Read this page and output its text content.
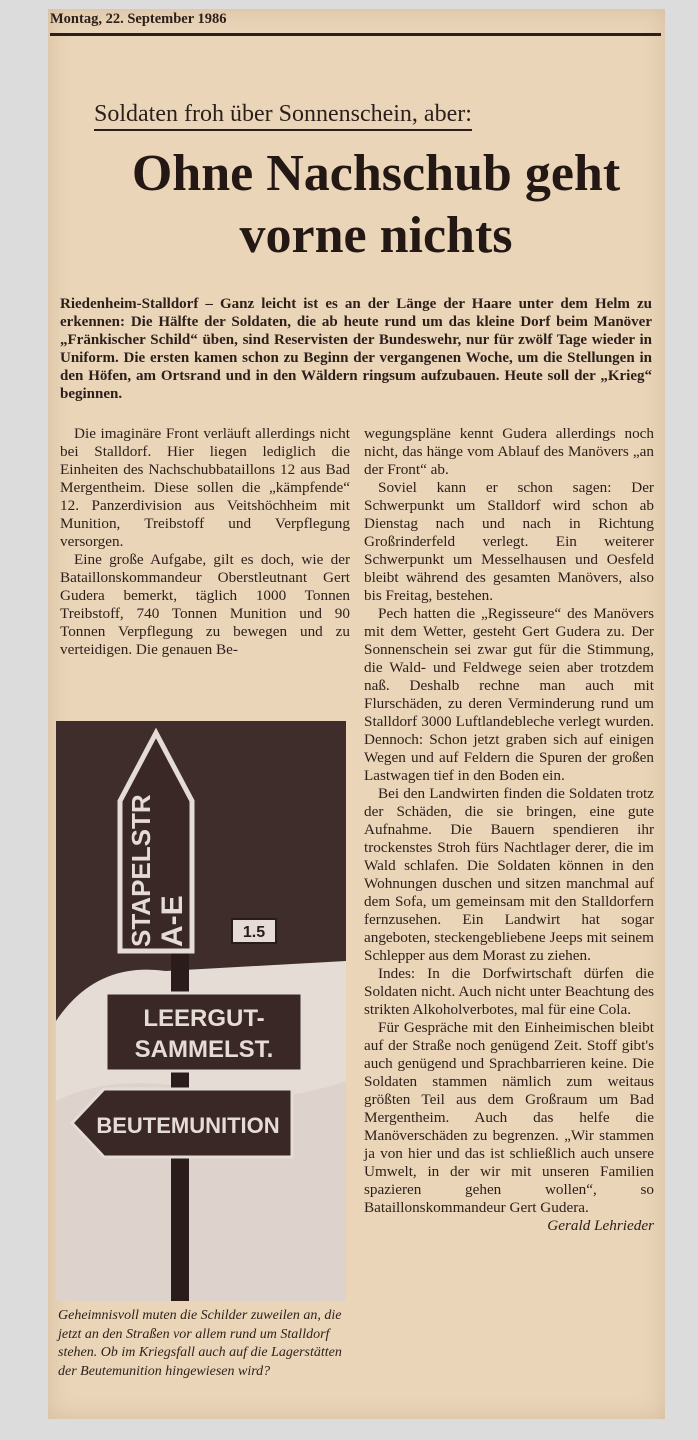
Montag, 22. September 1986
Soldaten froh über Sonnenschein, aber:
Ohne Nachschub geht vorne nichts
Riedenheim-Stalldorf – Ganz leicht ist es an der Länge der Haare unter dem Helm zu erkennen: Die Hälfte der Soldaten, die ab heute rund um das kleine Dorf beim Manöver „Fränkischer Schild“ üben, sind Reservisten der Bundeswehr, nur für zwölf Tage wieder in Uniform. Die ersten kamen schon zu Beginn der vergangenen Woche, um die Stellungen in den Höfen, am Ortsrand und in den Wäldern ringsum aufzubauen. Heute soll der „Krieg“ beginnen.

Die imaginäre Front verläuft allerdings nicht bei Stalldorf. Hier liegen lediglich die Einheiten des Nachschubbataillons 12 aus Bad Mergentheim. Diese sollen die „kämpfende“ 12. Panzerdivision aus Veitshöchheim mit Munition, Treibstoff und Verpflegung versorgen.

Eine große Aufgabe, gilt es doch, wie der Bataillonskommandeur Oberstleutnant Gert Gudera bemerkt, täglich 1000 Tonnen Treibstoff, 740 Tonnen Munition und 90 Tonnen Verpflegung zu bewegen und zu verteidigen. Die genauen Be-

STAPELSTR A-E	1.5
LEERGUT-
SAMMELST.
BEUTEMUNITION
Geheimnisvoll muten die Schilder zuweilen an, die jetzt an den Straßen vor allem rund um Stalldorf stehen. Ob im Kriegsfall auch auf die Lagerstätten der Beutemunition hingewiesen wird?

wegungspläne kennt Gudera allerdings noch nicht, das hänge vom Ablauf des Manövers „an der Front“ ab.

Soviel kann er schon sagen: Der Schwerpunkt um Stalldorf wird schon ab Dienstag nach und nach in Richtung Großrinderfeld verlegt. Ein weiterer Schwerpunkt um Messelhausen und Oesfeld bleibt während des gesamten Manövers, also bis Freitag, bestehen.

Pech hatten die „Regisseure“ des Manövers mit dem Wetter, gesteht Gert Gudera zu. Der Sonnenschein sei zwar gut für die Stimmung, die Wald- und Feldwege seien aber trotzdem naß. Deshalb rechne man auch mit Flurschäden, zu deren Verminderung rund um Stalldorf 3000 Luftlandebleche verlegt wurden. Dennoch: Schon jetzt graben sich auf einigen Wegen und auf Feldern die Spuren der großen Lastwagen tief in den Boden ein.

Bei den Landwirten finden die Soldaten trotz der Schäden, die sie bringen, eine gute Aufnahme. Die Bauern spendieren ihr trockenstes Stroh fürs Nachtlager derer, die im Wald schlafen. Die Soldaten können in den Wohnungen duschen und sitzen manchmal auf dem Sofa, um gemeinsam mit den Stalldorfern fernzusehen. Ein Landwirt hat sogar angeboten, steckengebliebene Jeeps mit seinem Schlepper aus dem Morast zu ziehen.

Indes: In die Dorfwirtschaft dürfen die Soldaten nicht. Auch nicht unter Beachtung des strikten Alkoholverbotes, mal für eine Cola.

Für Gespräche mit den Einheimischen bleibt auf der Straße noch genügend Zeit. Stoff gibt's auch genügend und Sprachbarrieren keine. Die Soldaten stammen nämlich zum weitaus größten Teil aus dem Großraum um Bad Mergentheim. Auch das helfe die Manöverschäden zu begrenzen. „Wir stammen ja von hier und das ist schließlich auch unsere Umwelt, in der wir mit unseren Familien spazieren gehen wollen“, so Bataillonskommandeur Gert Gudera.

Gerald Lehrieder
